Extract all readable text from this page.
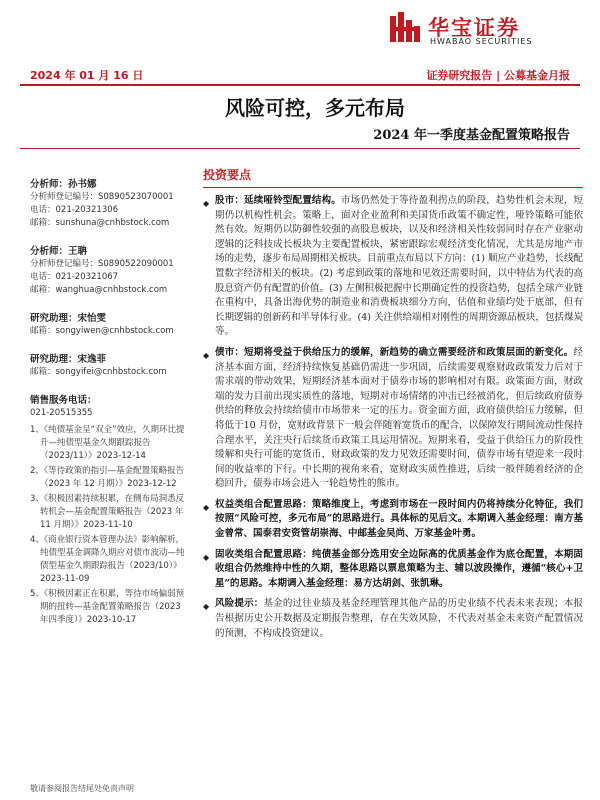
华宝证券
HWABAO SECURITIES
2024 年 01 月 16 日	证券研究报告 | 公募基金月报
风险可控，多元布局
2024 年一季度基金配置策略报告
分析师：孙书娜
分析师登记编号：S0890523070001
电话：021-20321306
邮箱：sunshuna@cnhbstock.com
分析师：王聃
分析师登记编号：S0890522090001
电话：021-20321067
邮箱：wanghua@cnhbstock.com
研究助理：宋怡雯
邮箱：songyiwen@cnhbstock.com
研究助理：宋逸菲
邮箱：songyifei@cnhbstock.com
销售服务电话：
021-20515355
1、《纯债基金呈“双全”效应，久期环比提升—纯债型基金久期跟踪报告（2023/11）》2023-12-14
2、《等待政策的指引—基金配置策略报告（2023 年 12 月期）》2023-12-12
3、《积极因素持续积累，在侧布局洞悉反转机会—基金配置策略报告（2023 年 11 月期）》2023-11-10
4、《商业银行资本管理办法》影响解析，纯债型基金调降久期应对债市波动—纯债型基金久期跟踪报告（2023/10）》2023-11-09
5、《积极因素正在积累，等待市场偏弱预期的扭转—基金配置策略报告（2023 年四季度）》2023-10-17
投资要点
◆ 股市：延续哑铃型配置结构。市场仍然处于等待盈利拐点的阶段，趋势性机会未现，短期仍以机构性机会。策略上，面对企业盈利和美国货币政策不确定性，哑铃策略可能依然有效。短期仍以防御性较强的高股息板块，以及和经济相关性较弱同时存在产业驱动逻辑的泛科技成长板块为主要配置板块，紧密跟踪宏观经济变化情况，尤其是房地产市场的走势，逐步布局周期相关板块。目前重点布局以下方向：(1) 顺应产业趋势，长线配置数字经济相关的板块。(2) 考虑到政策的落地和见效还需要时间，以中特估为代表的高股息资产仍有配置的价值。(3) 左侧积极把握中长期确定性的投资趋势，包括全球产业链在重构中，具备出海优势的制造业和消费板块细分方向，估值和业绩均处于底部，但有长期逻辑的创新药和半导体行业。(4) 关注供给端相对刚性的周期资源品板块，包括煤炭等。
◆ 债市：短期将受益于供给压力的缓解，新趋势的确立需要经济和政策层面的新变化。经济基本面方面，经济持续恢复基础仍需进一步巩固，后续需要观察财政政策发力后对于需求端的带动效果，短期经济基本面对于债券市场的影响相对有限。政策面方面，财政端的发力目前出现实质性的落地，短期对市场情绪的冲击已经被消化，但后续政府债券供给的释放会持续给债市市场带来一定的压力。资金面方面，政府债供给压力缓解，但将低于10 月份，宽财政背景下一般会伴随着宽货币的配合，以保障发行期间流动性保持合理水平，关注央行后续货币政策工具运用情况。短期来看，受益于供给压力的阶段性缓解和央行可能的宽货币，财政政策的发力见效还需要时间，债券市场有望迎来一段时间的收益率的下行。中长期的视角来看，宽财政实质性推进，后续一般伴随着经济的企稳回升，债券市场会进入一轮趋势性的熊市。
◆ 权益类组合配置思路：策略维度上，考虑到市场在一段时间内仍将持续分化特征，我们按照“风险可控，多元布局”的思路进行。具体标的见后文。本期调入基金经理：南方基金曾常、国泰君安资管胡崇海、中邮基金吴尚、万家基金叶勇。
◆ 固收类组合配置思路：纯债基金部分选用安全边际高的优质基金作为底仓配置，本期固收组合仍然维持中性的久期，整体思路以票息策略为主、辅以波段操作，遵循“核心+卫星”的思路。本期调入基金经理：易方达胡剑、张凯琳。
◆ 风险提示：基金的过往业绩及基金经理管理其他产品的历史业绩不代表未来表现；本报告根据历史公开数据及定期报告整理，存在失效风险，不代表对基金未来资产配置情况的预测，不构成投资建议。
敬请参阅报告结尾处免责声明
